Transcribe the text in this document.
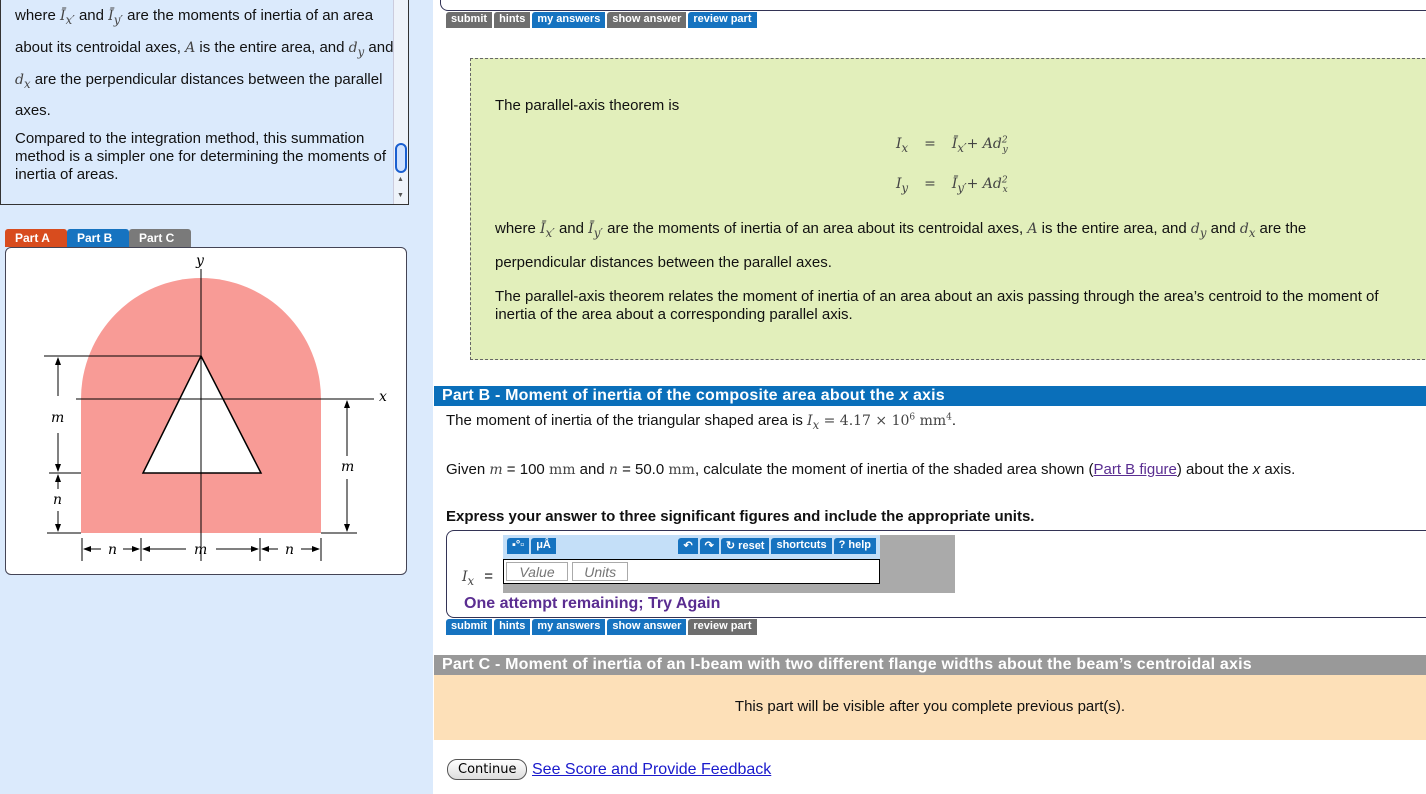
where $Ī_{x'}$ and $Ī_{y'}$ are the moments of inertia of an area about its centroidal axes, A is the entire area, and $d_y$ and $d_x$ are the perpendicular distances between the parallel axes.

Compared to the integration method, this summation method is a simpler one for determining the moments of inertia of areas.	▲
▼
Part A	Part B	Part C
y
x
m
n
m
n	m	n
submit	hints	my answers	show answer	review part

The parallel-axis theorem is

$I_x$ = $Ī_{x'}+ Ad^2_y$
$I_y$ = $Ī_{y'}+ Ad^2_x$

where $Ī_{x'}$ and $Ī_{y'}$ are the moments of inertia of an area about its centroidal axes, A is the entire area, and $d_y$ and $d_x$ are the
perpendicular distances between the parallel axes.

The parallel-axis theorem relates the moment of inertia of an area about an axis passing through the area’s centroid to the moment of inertia of the area about a corresponding parallel axis.

Part B - Moment of inertia of the composite area about the x axis

The moment of inertia of the triangular shaped area is $I_x = 4.17 \times 10^6$ $mm^4$.

Given m = 100 mm and n = 50.0 mm, calculate the moment of inertia of the shaded area shown (Part B figure) about the x axis.

Express your answer to three significant figures and include the appropriate units.

▪°▫	μÅ	↶	↷	↻ reset	shortcuts	? help
Value Units
$I_x$ =

One attempt remaining; Try Again

submit	hints	my answers	show answer	review part
Part C - Moment of inertia of an I-beam with two different flange widths about the beam’s centroidal axis
This part will be visible after you complete previous part(s).
Continue See Score and Provide Feedback
